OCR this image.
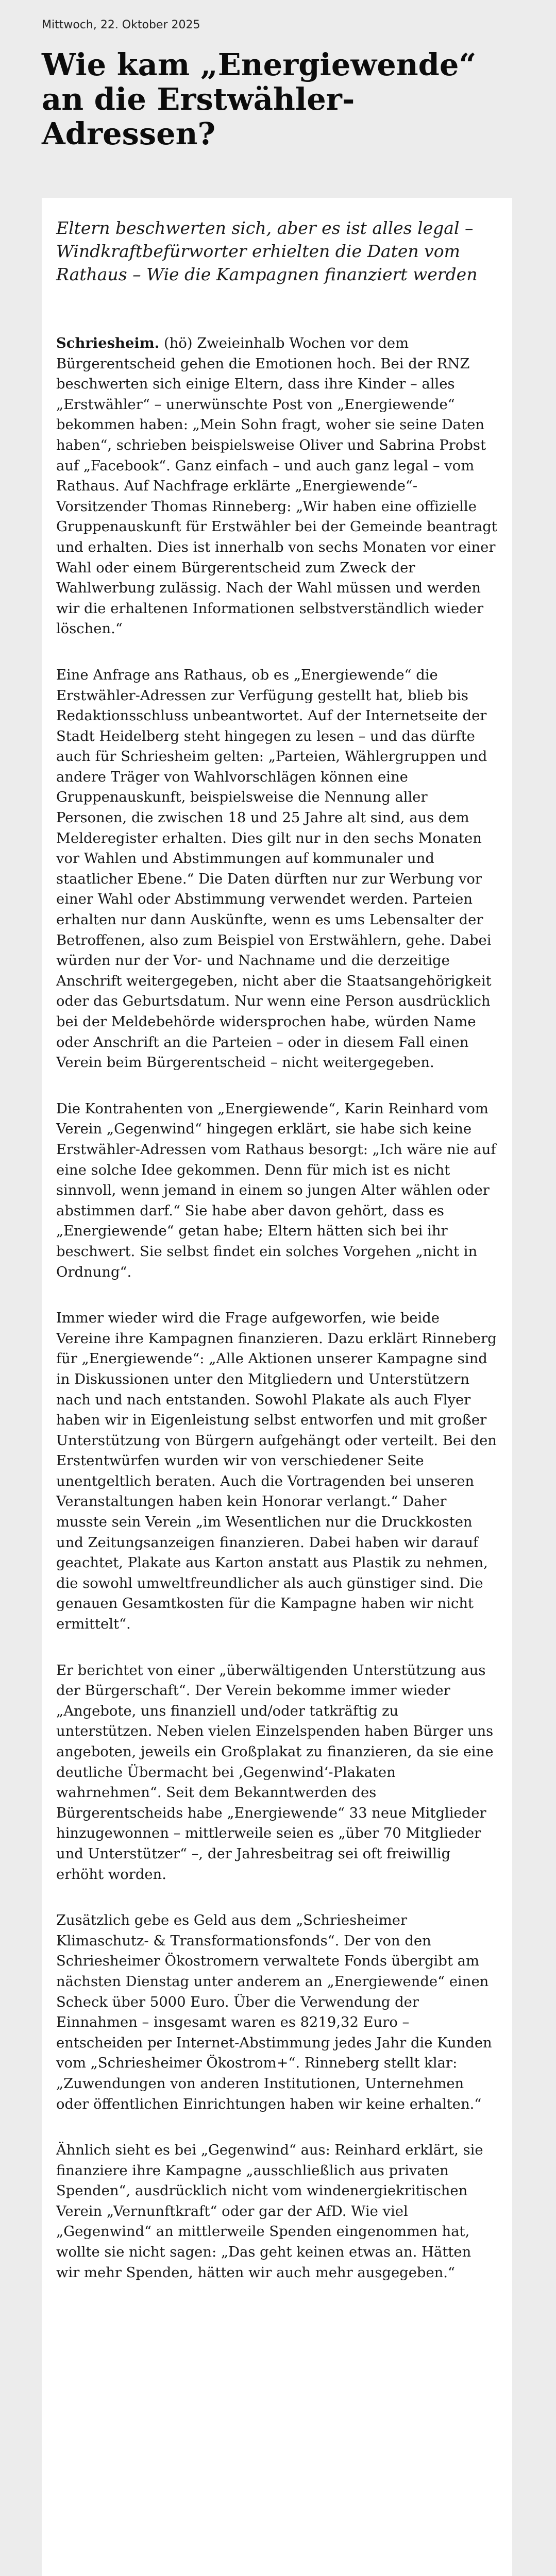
Mittwoch, 22. Oktober 2025
Wie kam „Energiewende“ an die Erstwähler-Adressen?

Eltern beschwerten sich, aber es ist alles legal – Windkraftbefürworter erhielten die Daten vom Rathaus – Wie die Kampagnen finanziert werden

Schriesheim. (hö) Zweieinhalb Wochen vor dem Bürgerentscheid gehen die Emotionen hoch. Bei der RNZ beschwerten sich einige Eltern, dass ihre Kinder – alles „Erstwähler“ – unerwünschte Post von „Energiewende“ bekommen haben: „Mein Sohn fragt, woher sie seine Daten haben“, schrieben beispielsweise Oliver und Sabrina Probst auf „Facebook“. Ganz einfach – und auch ganz legal – vom Rathaus. Auf Nachfrage erklärte „Energiewende“-Vorsitzender Thomas Rinneberg: „Wir haben eine offizielle Gruppenauskunft für Erstwähler bei der Gemeinde beantragt und erhalten. Dies ist innerhalb von sechs Monaten vor einer Wahl oder einem Bürgerentscheid zum Zweck der Wahlwerbung zulässig. Nach der Wahl müssen und werden wir die erhaltenen Informationen selbstverständlich wieder löschen.“

Eine Anfrage ans Rathaus, ob es „Energiewende“ die Erstwähler-Adressen zur Verfügung gestellt hat, blieb bis Redaktionsschluss unbeantwortet. Auf der Internetseite der Stadt Heidelberg steht hingegen zu lesen – und das dürfte auch für Schriesheim gelten: „Parteien, Wählergruppen und andere Träger von Wahlvorschlägen können eine Gruppenauskunft, beispielsweise die Nennung aller Personen, die zwischen 18 und 25 Jahre alt sind, aus dem Melderegister erhalten. Dies gilt nur in den sechs Monaten vor Wahlen und Abstimmungen auf kommunaler und staatlicher Ebene.“ Die Daten dürften nur zur Werbung vor einer Wahl oder Abstimmung verwendet werden. Parteien erhalten nur dann Auskünfte, wenn es ums Lebensalter der Betroffenen, also zum Beispiel von Erstwählern, gehe. Dabei würden nur der Vor- und Nachname und die derzeitige Anschrift weitergegeben, nicht aber die Staatsangehörigkeit oder das Geburtsdatum. Nur wenn eine Person ausdrücklich bei der Meldebehörde widersprochen habe, würden Name oder Anschrift an die Parteien – oder in diesem Fall einen Verein beim Bürgerentscheid – nicht weitergegeben.

Die Kontrahenten von „Energiewende“, Karin Reinhard vom Verein „Gegenwind“ hingegen erklärt, sie habe sich keine Erstwähler-Adressen vom Rathaus besorgt: „Ich wäre nie auf eine solche Idee gekommen. Denn für mich ist es nicht sinnvoll, wenn jemand in einem so jungen Alter wählen oder abstimmen darf.“ Sie habe aber davon gehört, dass es „Energiewende“ getan habe; Eltern hätten sich bei ihr beschwert. Sie selbst findet ein solches Vorgehen „nicht in Ordnung“.

Immer wieder wird die Frage aufgeworfen, wie beide Vereine ihre Kampagnen finanzieren. Dazu erklärt Rinneberg für „Energiewende“: „Alle Aktionen unserer Kampagne sind in Diskussionen unter den Mitgliedern und Unterstützern nach und nach entstanden. Sowohl Plakate als auch Flyer haben wir in Eigenleistung selbst entworfen und mit großer Unterstützung von Bürgern aufgehängt oder verteilt. Bei den Erstentwürfen wurden wir von verschiedener Seite unentgeltlich beraten. Auch die Vortragenden bei unseren Veranstaltungen haben kein Honorar verlangt.“ Daher musste sein Verein „im Wesentlichen nur die Druckkosten und Zeitungsanzeigen finanzieren. Dabei haben wir darauf geachtet, Plakate aus Karton anstatt aus Plastik zu nehmen, die sowohl umweltfreundlicher als auch günstiger sind. Die genauen Gesamtkosten für die Kampagne haben wir nicht ermittelt“.

Er berichtet von einer „überwältigenden Unterstützung aus der Bürgerschaft“. Der Verein bekomme immer wieder „Angebote, uns finanziell und/oder tatkräftig zu unterstützen. Neben vielen Einzelspenden haben Bürger uns angeboten, jeweils ein Großplakat zu finanzieren, da sie eine deutliche Übermacht bei ‚Gegenwind‘-Plakaten wahrnehmen“. Seit dem Bekanntwerden des Bürgerentscheids habe „Energiewende“ 33 neue Mitglieder hinzugewonnen – mittlerweile seien es „über 70 Mitglieder und Unterstützer“ –, der Jahresbeitrag sei oft freiwillig erhöht worden.

Zusätzlich gebe es Geld aus dem „Schriesheimer Klimaschutz- & Transformationsfonds“. Der von den Schriesheimer Ökostromern verwaltete Fonds übergibt am nächsten Dienstag unter anderem an „Energiewende“ einen Scheck über 5000 Euro. Über die Verwendung der Einnahmen – insgesamt waren es 8219,32 Euro – entscheiden per Internet-Abstimmung jedes Jahr die Kunden vom „Schriesheimer Ökostrom+“. Rinneberg stellt klar: „Zuwendungen von anderen Institutionen, Unternehmen oder öffentlichen Einrichtungen haben wir keine erhalten.“

Ähnlich sieht es bei „Gegenwind“ aus: Reinhard erklärt, sie finanziere ihre Kampagne „ausschließlich aus privaten Spenden“, ausdrücklich nicht vom windenergiekritischen Verein „Vernunftkraft“ oder gar der AfD. Wie viel „Gegenwind“ an mittlerweile Spenden eingenommen hat, wollte sie nicht sagen: „Das geht keinen etwas an. Hätten wir mehr Spenden, hätten wir auch mehr ausgegeben.“
